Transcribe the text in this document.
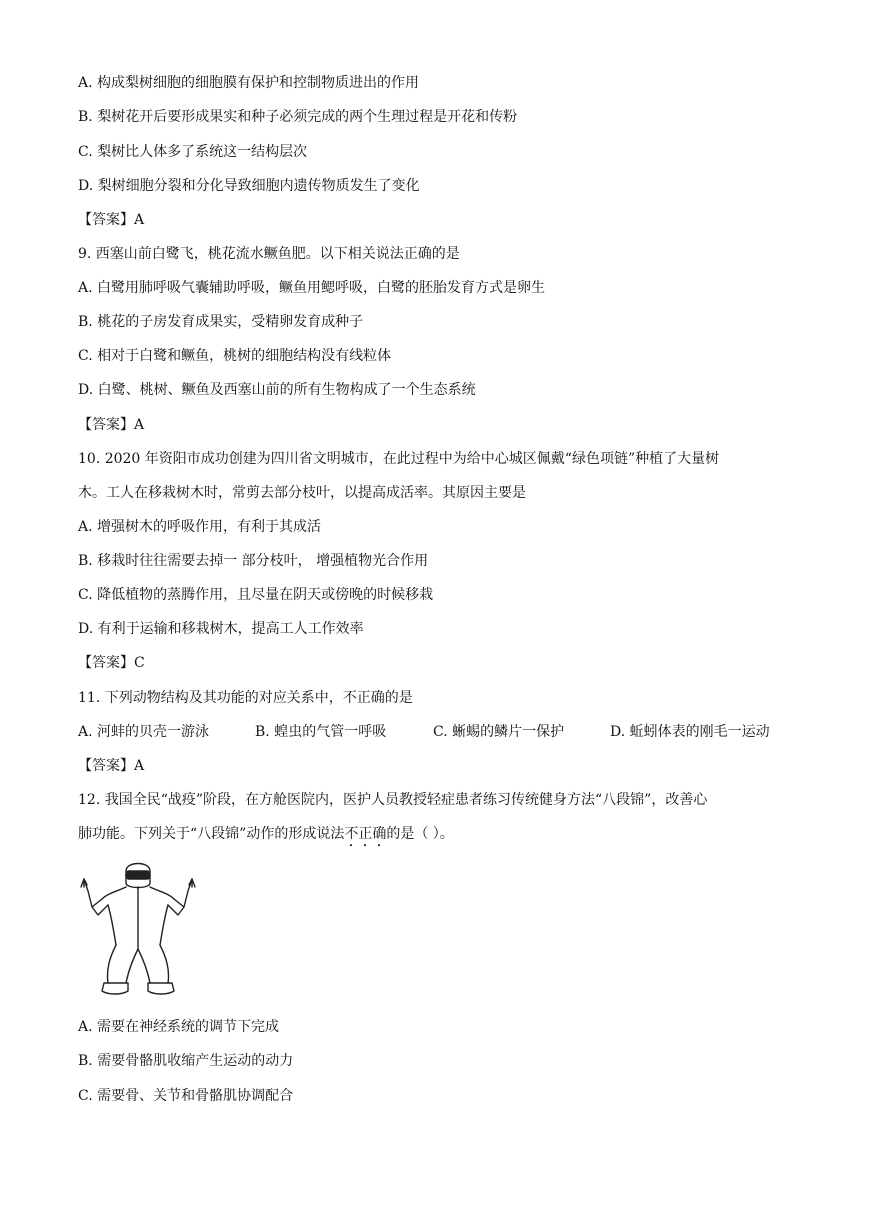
A. 构成梨树细胞的细胞膜有保护和控制物质进出的作用
B. 梨树花开后要形成果实和种子必须完成的两个生理过程是开花和传粉
C. 梨树比人体多了系统这一结构层次
D. 梨树细胞分裂和分化导致细胞内遗传物质发生了变化
【答案】A
9. 西塞山前白鹭飞，桃花流水鳜鱼肥。以下相关说法正确的是
A. 白鹭用肺呼吸气囊辅助呼吸，鳜鱼用鳃呼吸，白鹭的胚胎发育方式是卵生
B. 桃花的子房发育成果实，受精卵发育成种子
C. 相对于白鹭和鳜鱼，桃树的细胞结构没有线粒体
D. 白鹭、桃树、鳜鱼及西塞山前的所有生物构成了一个生态系统
【答案】A
10. 2020 年资阳市成功创建为四川省文明城市，在此过程中为给中心城区佩戴“绿色项链”种植了大量树
木。工人在移栽树木时，常剪去部分枝叶，以提高成活率。其原因主要是
A. 增强树木的呼吸作用，有利于其成活
B. 移栽时往往需要去掉一 部分枝叶， 增强植物光合作用
C. 降低植物的蒸腾作用，且尽量在阴天或傍晚的时候移栽
D. 有利于运输和移栽树木，提高工人工作效率
【答案】C
11. 下列动物结构及其功能的对应关系中，不正确的是
A. 河蚌的贝壳一游泳	B. 蝗虫的气管一呼吸	C. 蜥蜴的鳞片一保护	D. 蚯蚓体表的刚毛一运动
【答案】A
12. 我国全民“战疫”阶段，在方舱医院内，医护人员教授轻症患者练习传统健身方法“八段锦”，改善心
肺功能。下列关于“八段锦”动作的形成说法不正确的是（ ）。
A. 需要在神经系统的调节下完成
B. 需要骨骼肌收缩产生运动的动力
C. 需要骨、关节和骨骼肌协调配合
